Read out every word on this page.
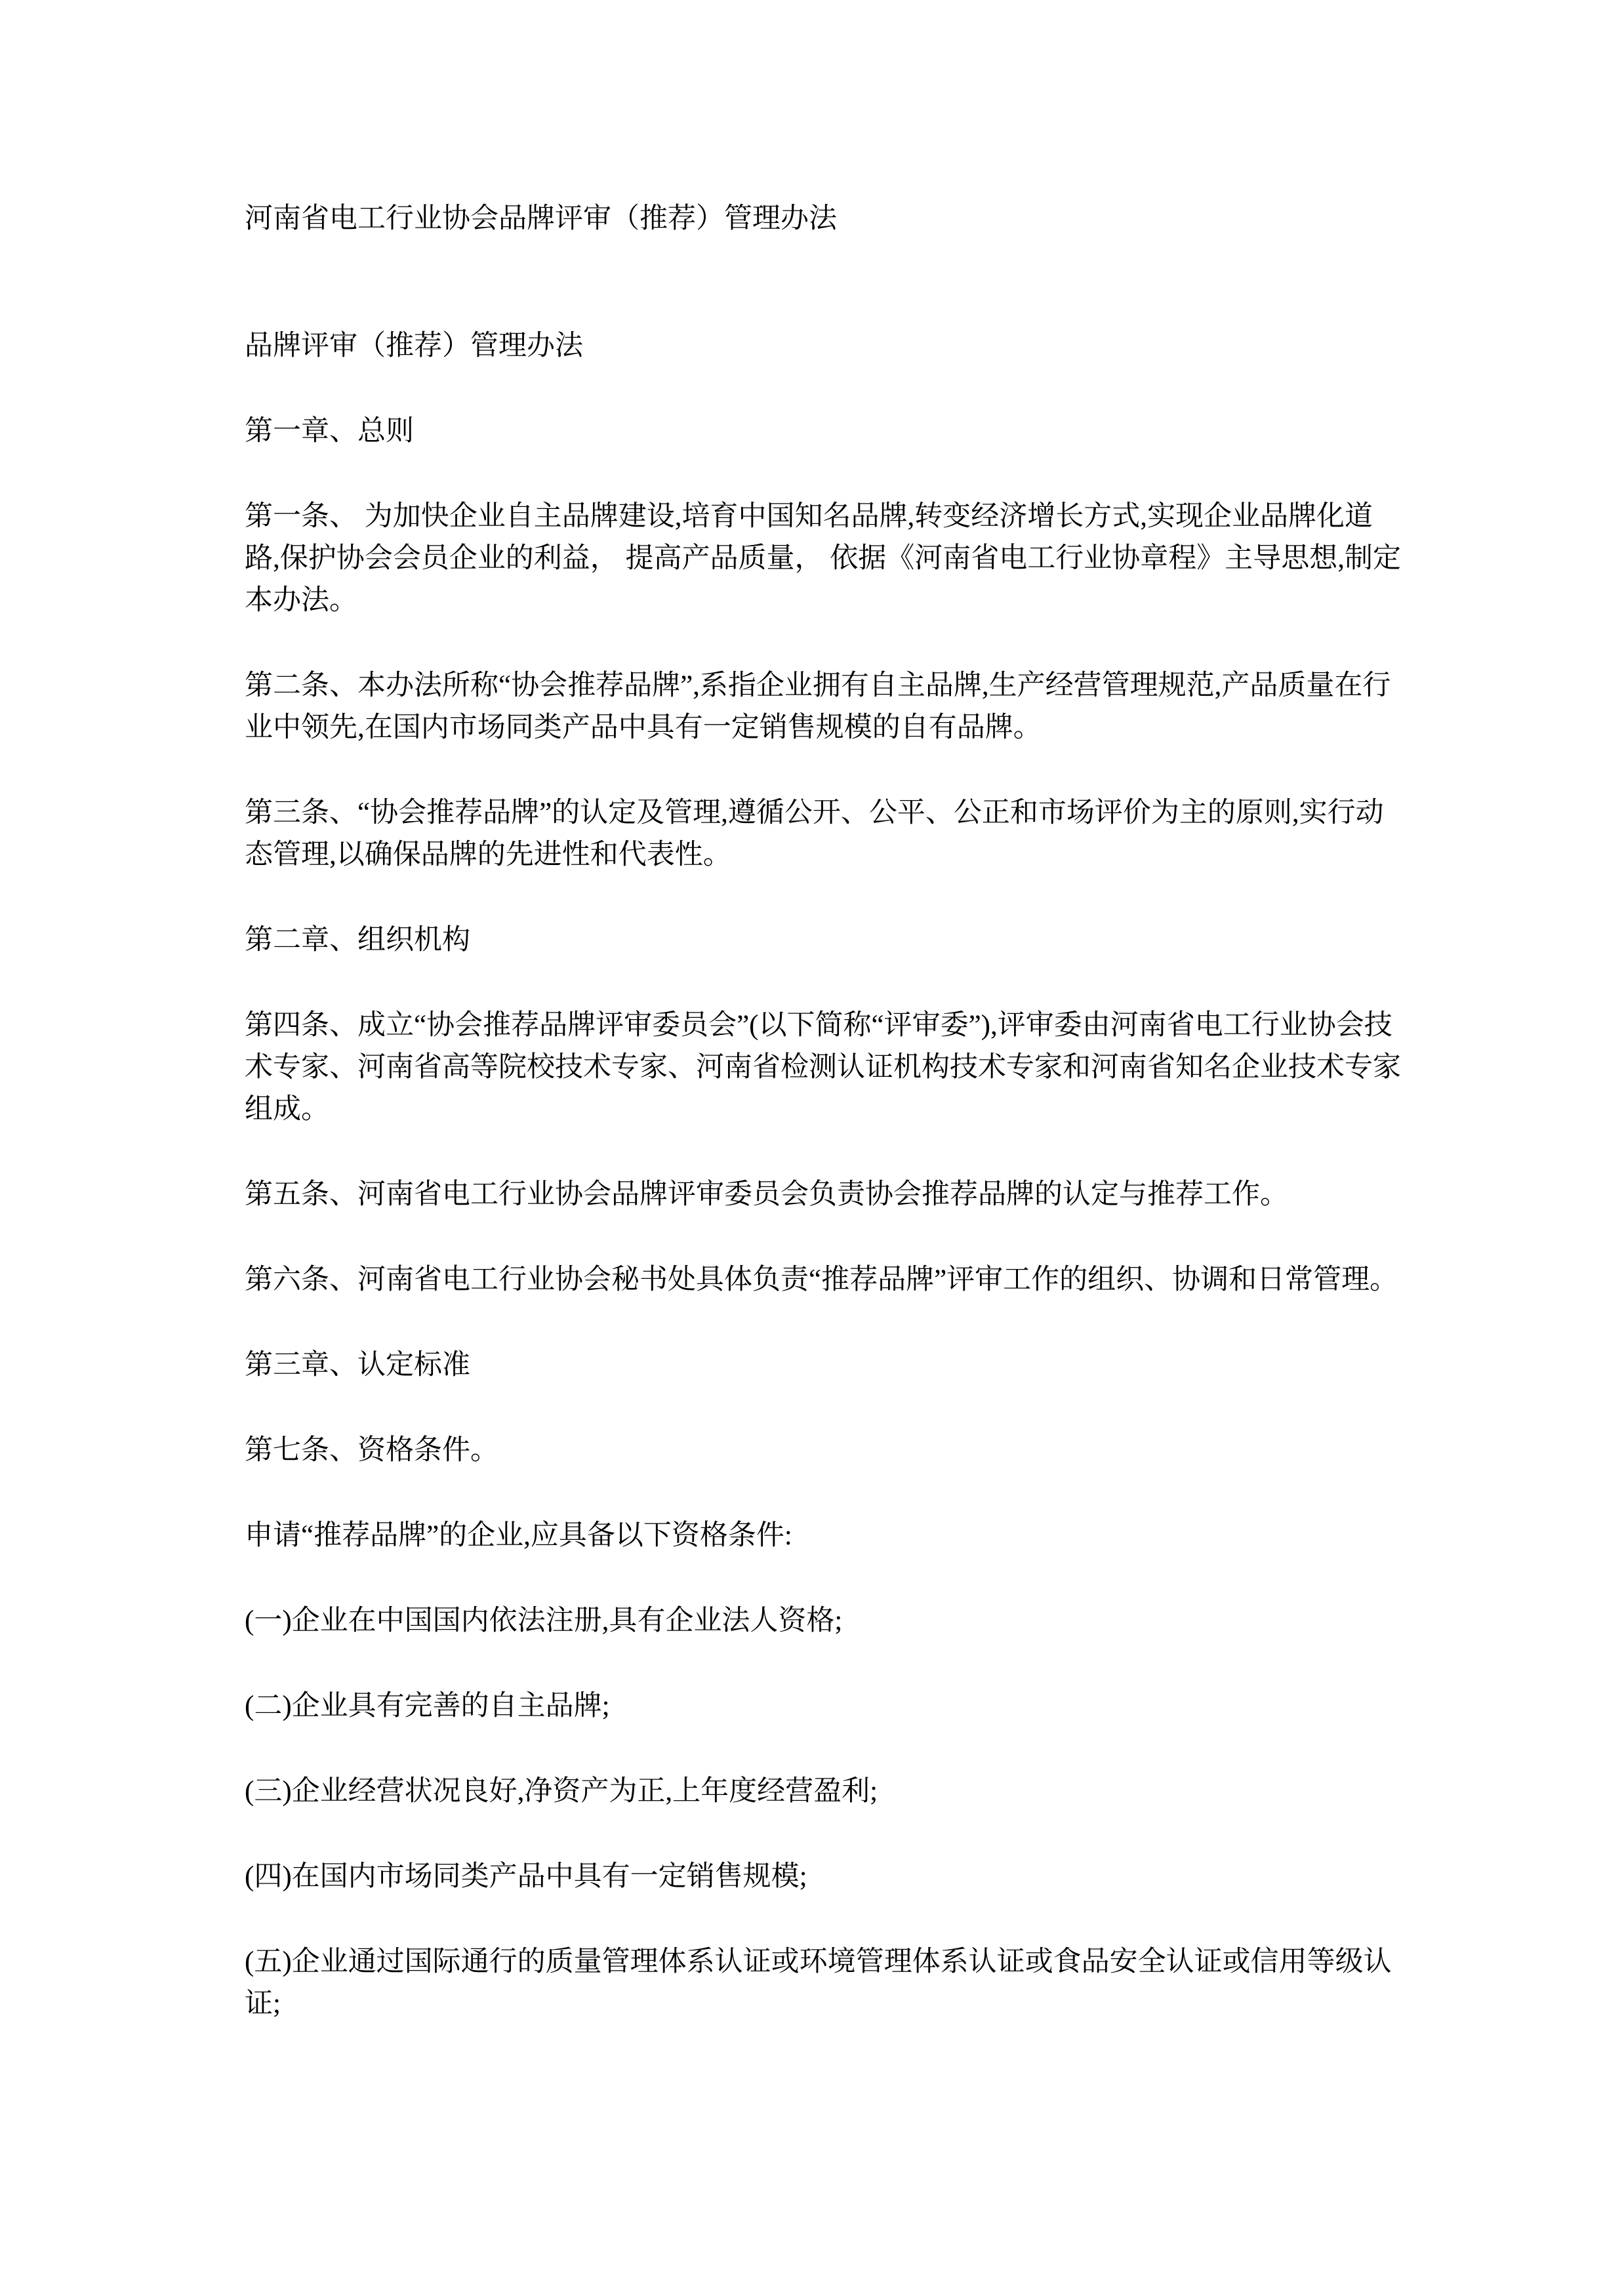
河南省电工行业协会品牌评审（推荐）管理办法

品牌评审（推荐）管理办法

第一章、总则

第一条、 为加快企业自主品牌建设,培育中国知名品牌,转变经济增长方式,实现企业品牌化道路,保护协会会员企业的利益， 提高产品质量， 依据《河南省电工行业协章程》主导思想,制定本办法。

第二条、本办法所称“协会推荐品牌”,系指企业拥有自主品牌,生产经营管理规范,产品质量在行业中领先,在国内市场同类产品中具有一定销售规模的自有品牌。

第三条、“协会推荐品牌”的认定及管理,遵循公开、公平、公正和市场评价为主的原则,实行动态管理,以确保品牌的先进性和代表性。

第二章、组织机构

第四条、成立“协会推荐品牌评审委员会”(以下简称“评审委”),评审委由河南省电工行业协会技术专家、河南省高等院校技术专家、河南省检测认证机构技术专家和河南省知名企业技术专家组成。

第五条、河南省电工行业协会品牌评审委员会负责协会推荐品牌的认定与推荐工作。

第六条、河南省电工行业协会秘书处具体负责“推荐品牌”评审工作的组织、协调和日常管理。

第三章、认定标准

第七条、资格条件。

申请“推荐品牌”的企业,应具备以下资格条件:

(一)企业在中国国内依法注册,具有企业法人资格;

(二)企业具有完善的自主品牌;

(三)企业经营状况良好,净资产为正,上年度经营盈利;

(四)在国内市场同类产品中具有一定销售规模;

(五)企业通过国际通行的质量管理体系认证或环境管理体系认证或食品安全认证或信用等级认证;
